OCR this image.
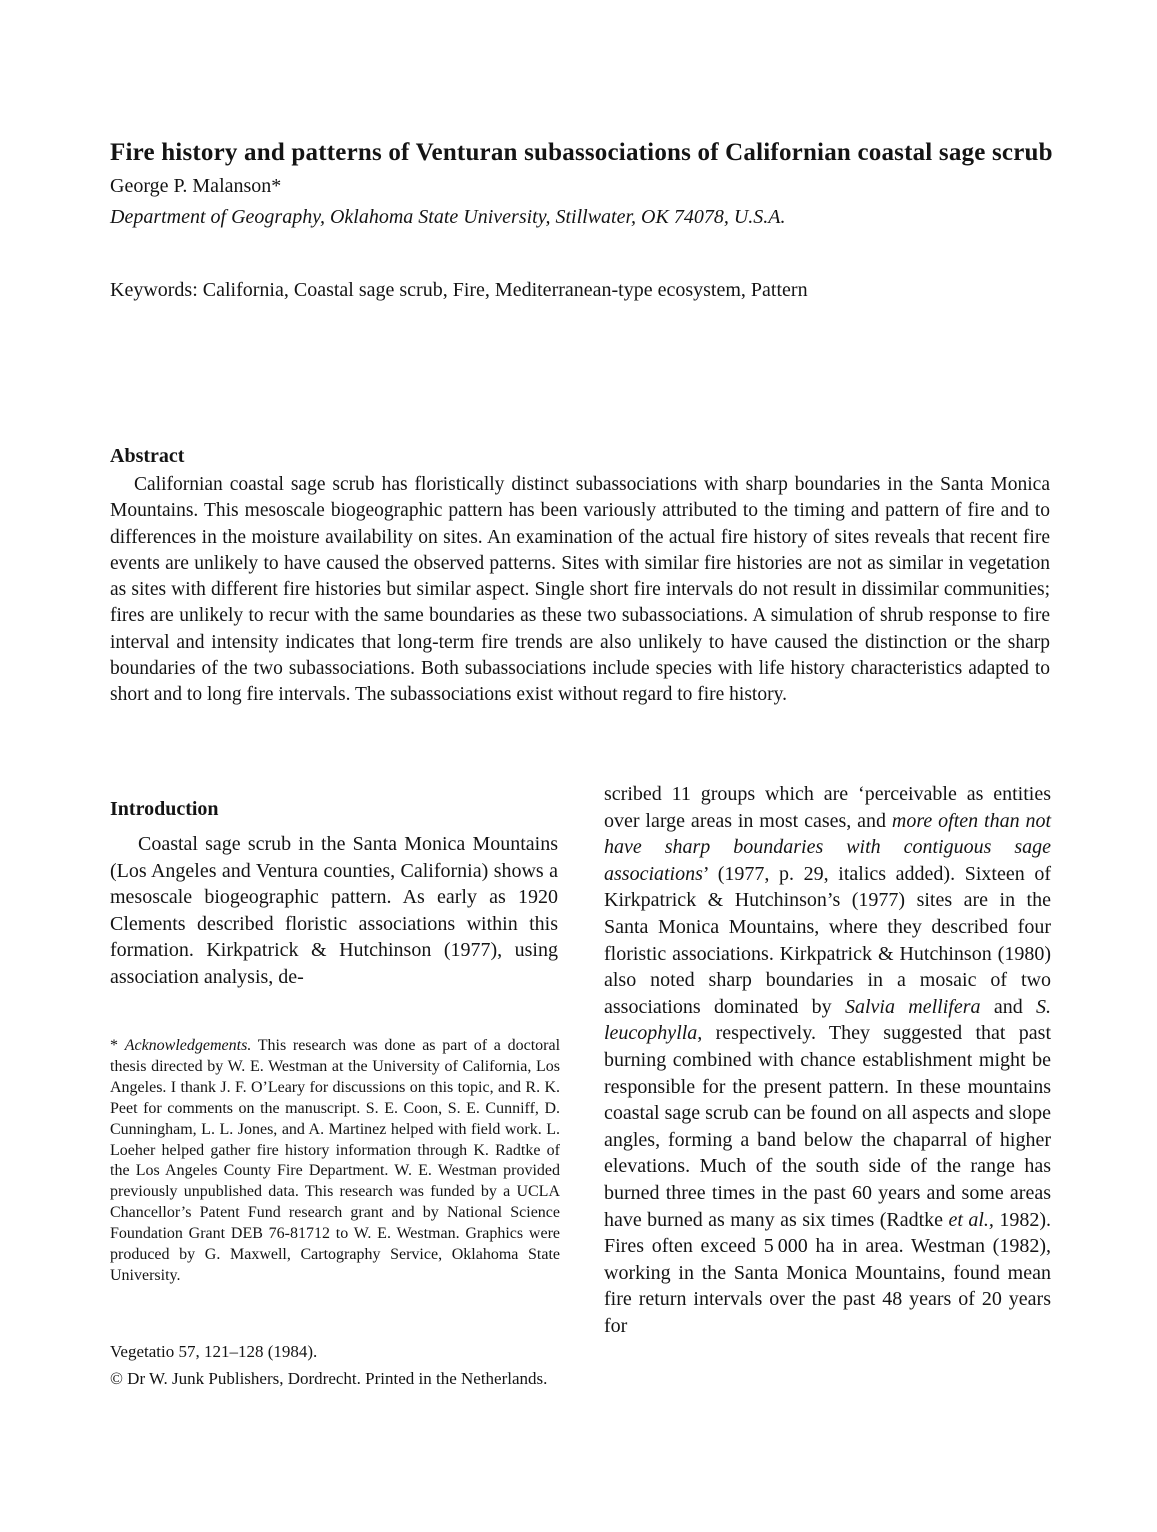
Fire history and patterns of Venturan subassociations of Californian coastal sage scrub
George P. Malanson*
Department of Geography, Oklahoma State University, Stillwater, OK 74078, U.S.A.
Keywords: California, Coastal sage scrub, Fire, Mediterranean-type ecosystem, Pattern
Abstract

Californian coastal sage scrub has floristically distinct subassociations with sharp boundaries in the Santa Monica Mountains. This mesoscale biogeographic pattern has been variously attributed to the timing and pattern of fire and to differences in the moisture availability on sites. An examination of the actual fire history of sites reveals that recent fire events are unlikely to have caused the observed patterns. Sites with similar fire histories are not as similar in vegetation as sites with different fire histories but similar aspect. Single short fire intervals do not result in dissimilar communities; fires are unlikely to recur with the same boundaries as these two subassociations. A simulation of shrub response to fire interval and intensity indicates that long-term fire trends are also unlikely to have caused the distinction or the sharp boundaries of the two subassociations. Both subassociations include species with life history characteristics adapted to short and to long fire intervals. The subassociations exist without regard to fire history.

Introduction

Coastal sage scrub in the Santa Monica Mountains (Los Angeles and Ventura counties, California) shows a mesoscale biogeographic pattern. As early as 1920 Clements described floristic associations within this formation. Kirkpatrick & Hutchinson (1977), using association analysis, de-

scribed 11 groups which are ‘perceivable as entities over large areas in most cases, and more often than not have sharp boundaries with contiguous sage associations’ (1977, p. 29, italics added). Sixteen of Kirkpatrick & Hutchinson’s (1977) sites are in the Santa Monica Mountains, where they described four floristic associations. Kirkpatrick & Hutchinson (1980) also noted sharp boundaries in a mosaic of two associations dominated by Salvia mellifera and S. leucophylla, respectively. They suggested that past burning combined with chance establishment might be responsible for the present pattern. In these mountains coastal sage scrub can be found on all aspects and slope angles, forming a band below the chaparral of higher elevations. Much of the south side of the range has burned three times in the past 60 years and some areas have burned as many as six times (Radtke et al., 1982). Fires often exceed 5 000 ha in area. Westman (1982), working in the Santa Monica Mountains, found mean fire return intervals over the past 48 years of 20 years for

* Acknowledgements. This research was done as part of a doctoral thesis directed by W. E. Westman at the University of California, Los Angeles. I thank J. F. O’Leary for discussions on this topic, and R. K. Peet for comments on the manuscript. S. E. Coon, S. E. Cunniff, D. Cunningham, L. L. Jones, and A. Martinez helped with field work. L. Loeher helped gather fire history information through K. Radtke of the Los Angeles County Fire Department. W. E. Westman provided previously unpublished data. This research was funded by a UCLA Chancellor’s Patent Fund research grant and by National Science Foundation Grant DEB 76-81712 to W. E. Westman. Graphics were produced by G. Maxwell, Cartography Service, Oklahoma State University.

Vegetatio 57, 121–128 (1984).
© Dr W. Junk Publishers, Dordrecht. Printed in the Netherlands.
